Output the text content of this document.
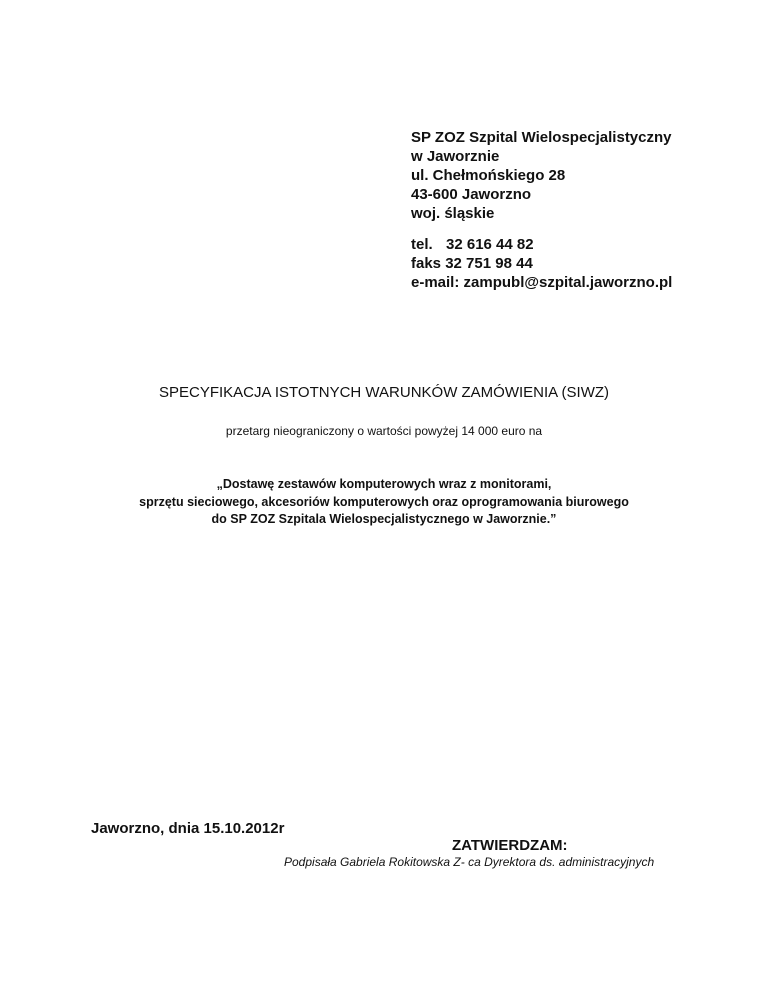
SP ZOZ Szpital Wielospecjalistyczny
w Jaworznie
ul. Chełmońskiego 28
43-600 Jaworzno
woj. śląskie
tel. 32 616 44 82
faks 32 751 98 44
e-mail: zampubl@szpital.jaworzno.pl
SPECYFIKACJA ISTOTNYCH WARUNKÓW ZAMÓWIENIA (SIWZ)
przetarg nieograniczony o wartości powyżej 14 000 euro na
„Dostawę zestawów komputerowych wraz z monitorami,
sprzętu sieciowego, akcesoriów komputerowych oraz oprogramowania biurowego
do SP ZOZ Szpitala Wielospecjalistycznego w Jaworznie.”
Jaworzno, dnia 15.10.2012r
ZATWIERDZAM:
Podpisała Gabriela Rokitowska Z- ca Dyrektora ds. administracyjnych
